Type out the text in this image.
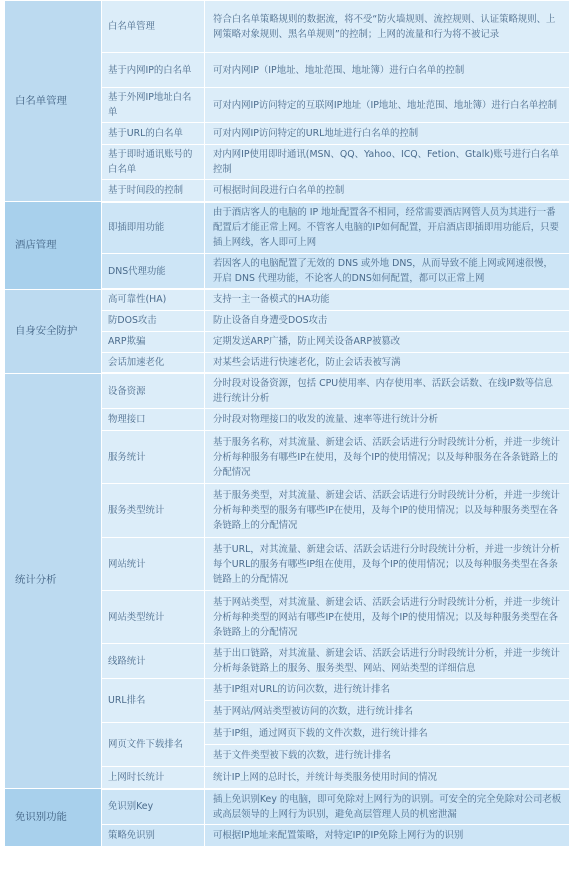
白名单管理	白名单管理	符合白名单策略规则的数据流，将不受“防火墙规则、流控规则、认证策略规则、上网策略对象规则、黑名单规则”的控制；上网的流量和行为将不被记录
	基于内网IP的白名单	可对内网IP（IP地址、地址范围、地址簿）进行白名单的控制
	基于外网IP地址白名单	可对内网IP访问特定的互联网IP地址（IP地址、地址范围、地址簿）进行白名单控制
	基于URL的白名单	可对内网IP访问特定的URL地址进行白名单的控制
	基于即时通讯账号的白名单	对内网IP使用即时通讯(MSN、QQ、Yahoo、ICQ、Fetion、Gtalk)账号进行白名单控制
	基于时间段的控制	可根据时间段进行白名单的控制
酒店管理	即插即用功能	由于酒店客人的电脑的 IP 地址配置各不相同，经常需要酒店网管人员为其进行一番配置后才能正常上网。不管客人电脑的IP如何配置，开启酒店即插即用功能后，只要插上网线，客人即可上网
	DNS代理功能	若因客人的电脑配置了无效的 DNS 或外地 DNS，从而导致不能上网或网速很慢，开启 DNS 代理功能，不论客人的DNS如何配置，都可以正常上网
自身安全防护	高可靠性(HA)	支持一主一备模式的HA功能
	防DOS攻击	防止设备自身遭受DOS攻击
	ARP欺骗	定期发送ARP广播，防止网关设备ARP被篡改
	会话加速老化	对某些会话进行快速老化，防止会话表被写满
统计分析	设备资源	分时段对设备资源，包括 CPU使用率、内存使用率、活跃会话数、在线IP数等信息进行统计分析
	物理接口	分时段对物理接口的收发的流量、速率等进行统计分析
	服务统计	基于服务名称，对其流量、新建会话、活跃会话进行分时段统计分析，并进一步统计分析每种服务有哪些IP在使用，及每个IP的使用情况；以及每种服务在各条链路上的分配情况
	服务类型统计	基于服务类型，对其流量、新建会话、活跃会话进行分时段统计分析，并进一步统计分析每种类型的服务有哪些IP在使用，及每个IP的使用情况；以及每种服务类型在各条链路上的分配情况
	网站统计	基于URL，对其流量、新建会话、活跃会话进行分时段统计分析，并进一步统计分析每个URL的服务有哪些IP组在使用，及每个IP的使用情况；以及每种服务类型在各条链路上的分配情况
	网站类型统计	基于网站类型，对其流量、新建会话、活跃会话进行分时段统计分析，并进一步统计分析每种类型的网站有哪些IP在使用，及每个IP的使用情况；以及每种服务类型在各条链路上的分配情况
	线路统计	基于出口链路，对其流量、新建会话、活跃会话进行分时段统计分析，并进一步统计分析每条链路上的服务、服务类型、网站、网站类型的详细信息
	URL排名	基于IP组对URL的访问次数，进行统计排名
		基于网站/网站类型被访问的次数，进行统计排名
	网页文件下载排名	基于IP组，通过网页下载的文件次数，进行统计排名
		基于文件类型被下载的次数，进行统计排名
	上网时长统计	统计IP上网的总时长，并统计每类服务使用时间的情况
免识别功能	免识别Key	插上免识别Key 的电脑，即可免除对上网行为的识别。可安全的完全免除对公司老板或高层领导的上网行为识别，避免高层管理人员的机密泄漏
	策略免识别	可根据IP地址来配置策略，对特定IP的IP免除上网行为的识别
